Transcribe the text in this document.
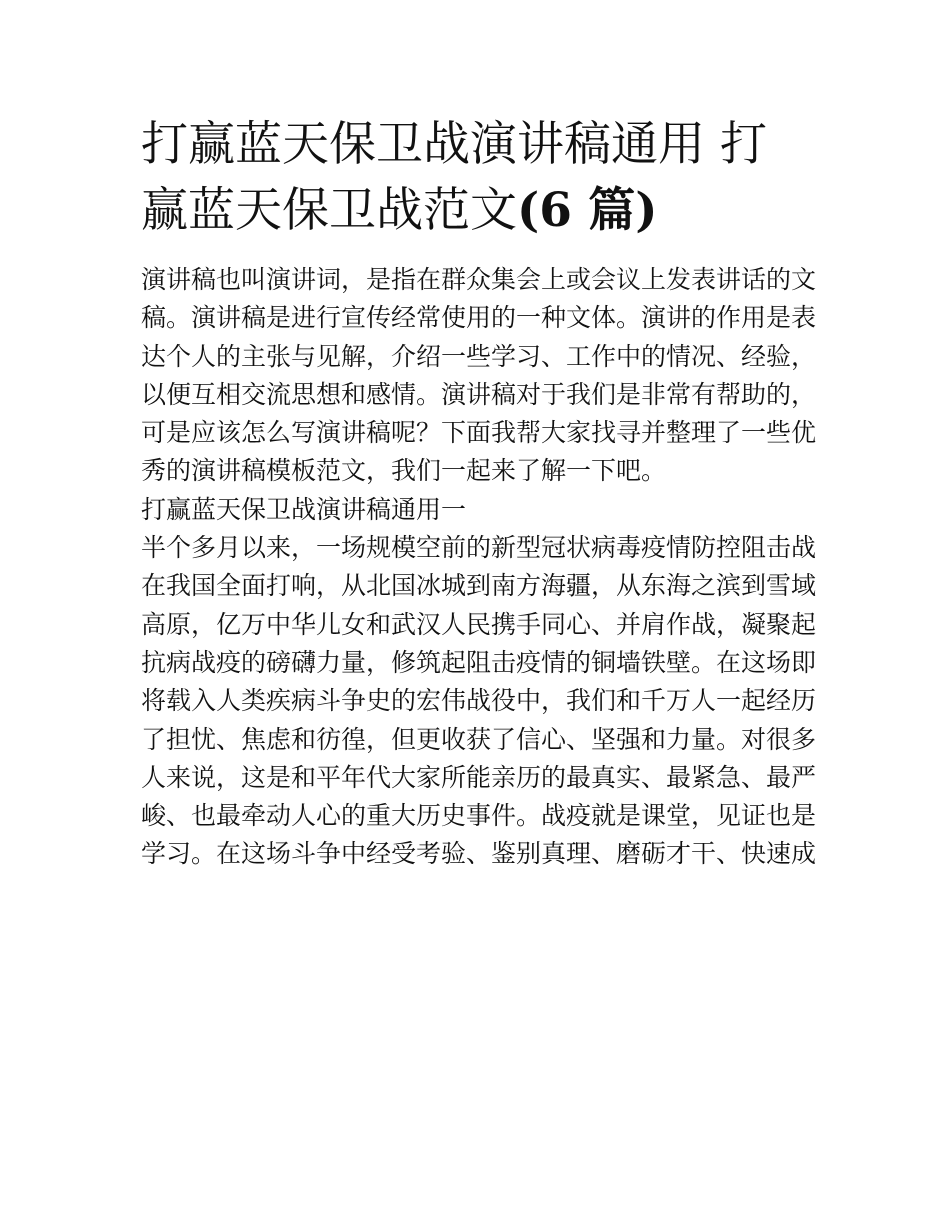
打赢蓝天保卫战演讲稿通用 打
赢蓝天保卫战范文(6 篇)
演讲稿也叫演讲词，是指在群众集会上或会议上发表讲话的文
稿。演讲稿是进行宣传经常使用的一种文体。演讲的作用是表
达个人的主张与见解，介绍一些学习、工作中的情况、经验，
以便互相交流思想和感情。演讲稿对于我们是非常有帮助的，
可是应该怎么写演讲稿呢？下面我帮大家找寻并整理了一些优
秀的演讲稿模板范文，我们一起来了解一下吧。
打赢蓝天保卫战演讲稿通用一
半个多月以来，一场规模空前的新型冠状病毒疫情防控阻击战
在我国全面打响，从北国冰城到南方海疆，从东海之滨到雪域
高原，亿万中华儿女和武汉人民携手同心、并肩作战，凝聚起
抗病战疫的磅礴力量，修筑起阻击疫情的铜墙铁壁。在这场即
将载入人类疾病斗争史的宏伟战役中，我们和千万人一起经历
了担忧、焦虑和彷徨，但更收获了信心、坚强和力量。对很多
人来说，这是和平年代大家所能亲历的最真实、最紧急、最严
峻、也最牵动人心的重大历史事件。战疫就是课堂，见证也是
学习。在这场斗争中经受考验、鉴别真理、磨砺才干、快速成
